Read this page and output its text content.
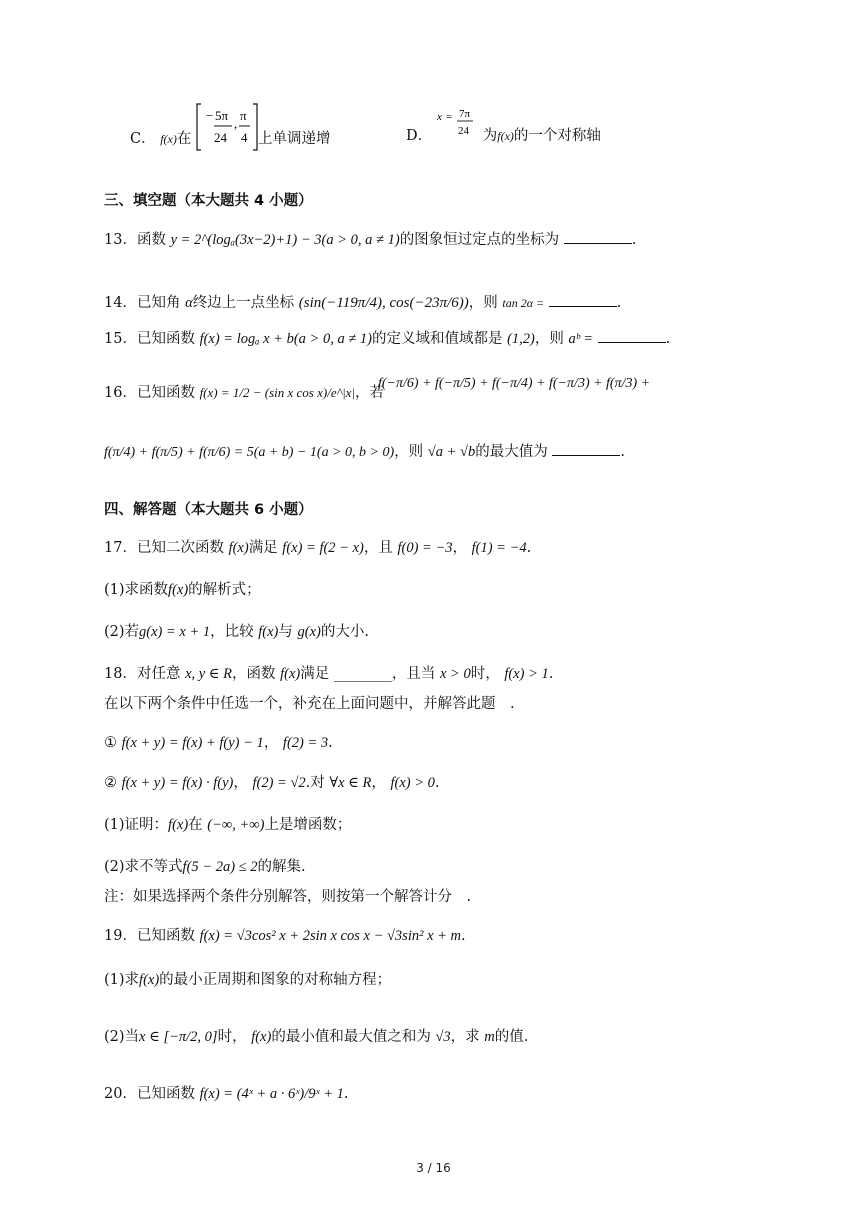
C． f(x)在
− 5π
24
,
π
4 上单调递增	D．
x = 7π
24 为f(x)的一个对称轴
三、填空题（本大题共 4 小题）
13．函数 y = 2^(logₐ(3x−2)+1) − 3(a > 0, a ≠ 1)的图象恒过定点的坐标为	.
14．已知角 α终边上一点坐标 (sin(−119π/4), cos(−23π/6))，则 tan 2α =	.
15．已知函数 f(x) = logₐ x + b(a > 0, a ≠ 1)的定义域和值域都是 (1,2)，则 aᵇ =	.
16．已知函数 f(x) = 1/2 − (sin x cos x)/e^|x|，若
f(−π/6) + f(−π/5) + f(−π/4) + f(−π/3) + f(π/3) +
f(π/4) + f(π/5) + f(π/6) = 5(a + b) − 1(a > 0, b > 0)，则 √a + √b的最大值为	.
四、解答题（本大题共 6 小题）
17．已知二次函数 f(x)满足 f(x) = f(2 − x)，且 f(0) = −3， f(1) = −4.
(1)求函数f(x)的解析式；
(2)若g(x) = x + 1，比较 f(x)与 g(x)的大小.
18．对任意 x, y ∈ R，函数 f(x)满足 ________，且当 x > 0时， f(x) > 1.
在以下两个条件中任选一个，补充在上面问题中，并解答此题　.
① f(x + y) = f(x) + f(y) − 1， f(2) = 3.
② f(x + y) = f(x) · f(y)， f(2) = √2.对 ∀x ∈ R， f(x) > 0.
(1)证明：f(x)在 (−∞, +∞)上是增函数；
(2)求不等式f(5 − 2a) ≤ 2的解集.
注：如果选择两个条件分别解答，则按第一个解答计分　.
19．已知函数 f(x) = √3cos² x + 2sin x cos x − √3sin² x + m.
(1)求f(x)的最小正周期和图象的对称轴方程；
(2)当x ∈ [−π/2, 0]时， f(x)的最小值和最大值之和为 √3，求 m的值.
20．已知函数 f(x) = (4ˣ + a · 6ˣ)/9ˣ + 1.
3 / 16
